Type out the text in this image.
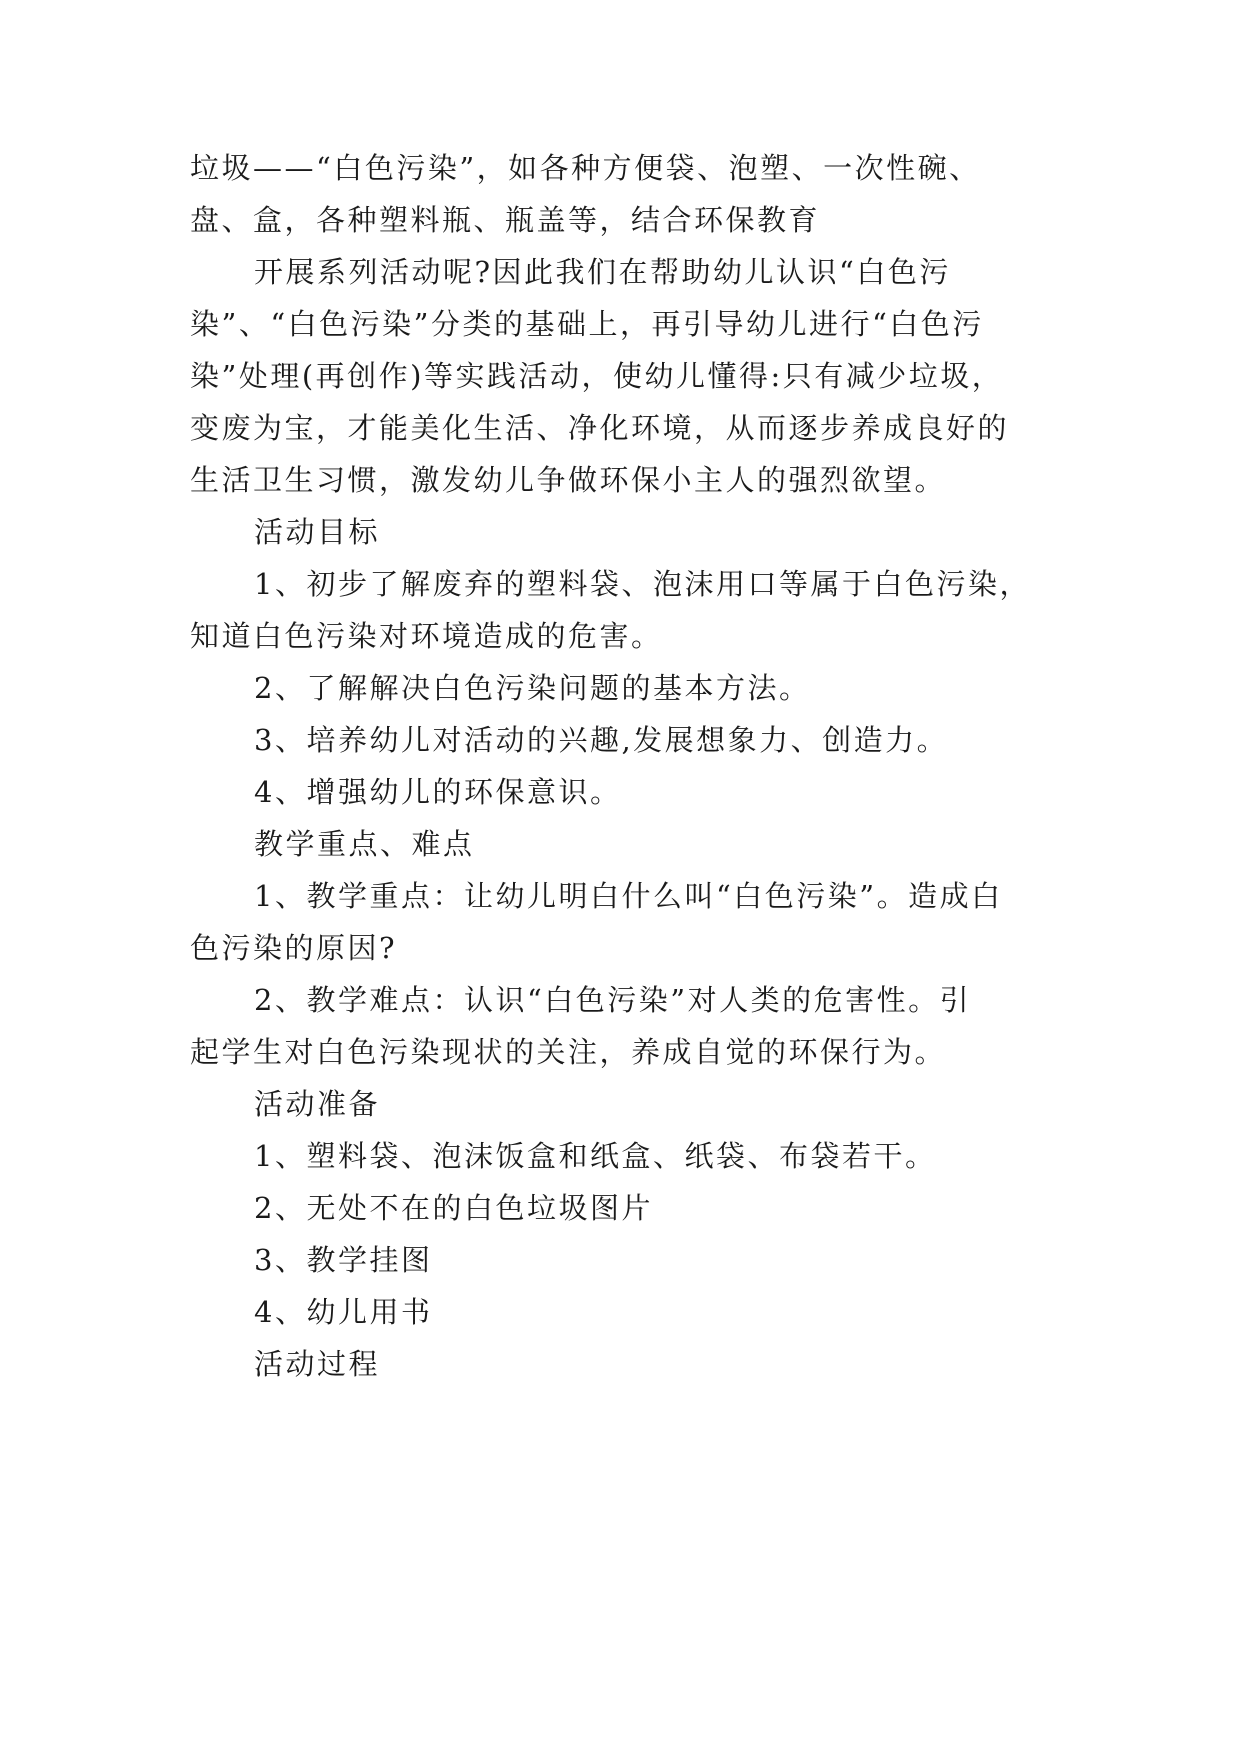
垃圾——“白色污染”，如各种方便袋、泡塑、一次性碗、
盘、盒，各种塑料瓶、瓶盖等，结合环保教育
开展系列活动呢?因此我们在帮助幼儿认识“白色污
染”、“白色污染”分类的基础上，再引导幼儿进行“白色污
染”处理(再创作)等实践活动，使幼儿懂得:只有减少垃圾，
变废为宝，才能美化生活、净化环境，从而逐步养成良好的
生活卫生习惯，激发幼儿争做环保小主人的强烈欲望。
活动目标
1、初步了解废弃的塑料袋、泡沫用口等属于白色污染，
知道白色污染对环境造成的危害。
2、了解解决白色污染问题的基本方法。
3、培养幼儿对活动的兴趣,发展想象力、创造力。
4、增强幼儿的环保意识。
教学重点、难点
1、教学重点：让幼儿明白什么叫“白色污染”。造成白
色污染的原因?
2、教学难点：认识“白色污染”对人类的危害性。引
起学生对白色污染现状的关注，养成自觉的环保行为。
活动准备
1、塑料袋、泡沫饭盒和纸盒、纸袋、布袋若干。
2、无处不在的白色垃圾图片
3、教学挂图
4、幼儿用书
活动过程
